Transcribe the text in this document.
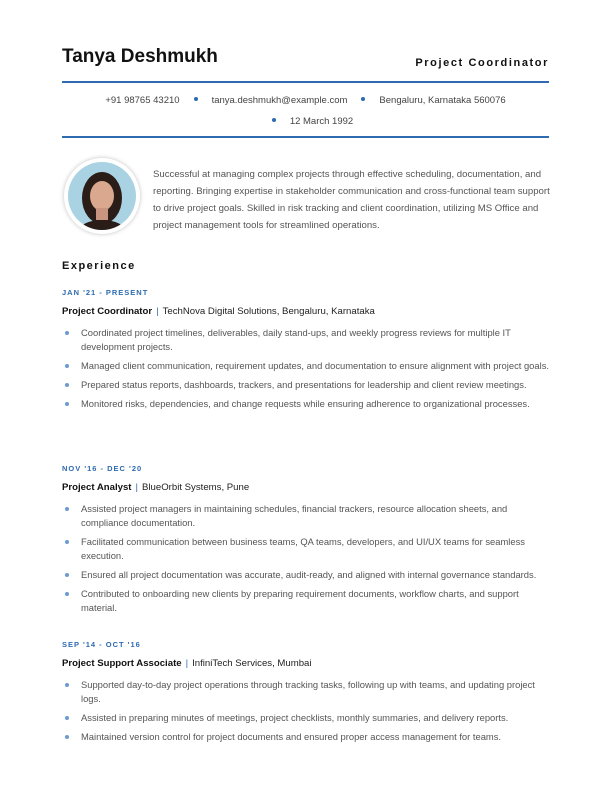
Tanya Deshmukh	Project Coordinator
+91 98765 43210	tanya.deshmukh@example.com	Bengaluru, Karnataka 560076
12 March 1992
Successful at managing complex projects through effective scheduling, documentation, and reporting. Bringing expertise in stakeholder communication and cross-functional team support to drive project goals. Skilled in risk tracking and client coordination, utilizing MS Office and project management tools for streamlined operations.
Experience
JAN '21 - PRESENT
Project Coordinator | TechNova Digital Solutions, Bengaluru, Karnataka
Coordinated project timelines, deliverables, daily stand-ups, and weekly progress reviews for multiple IT development projects.
Managed client communication, requirement updates, and documentation to ensure alignment with project goals.
Prepared status reports, dashboards, trackers, and presentations for leadership and client review meetings.
Monitored risks, dependencies, and change requests while ensuring adherence to organizational processes.
NOV '16 - DEC '20
Project Analyst | BlueOrbit Systems, Pune
Assisted project managers in maintaining schedules, financial trackers, resource allocation sheets, and compliance documentation.
Facilitated communication between business teams, QA teams, developers, and UI/UX teams for seamless execution.
Ensured all project documentation was accurate, audit-ready, and aligned with internal governance standards.
Contributed to onboarding new clients by preparing requirement documents, workflow charts, and support material.
SEP '14 - OCT '16
Project Support Associate | InfiniTech Services, Mumbai
Supported day-to-day project operations through tracking tasks, following up with teams, and updating project logs.
Assisted in preparing minutes of meetings, project checklists, monthly summaries, and delivery reports.
Maintained version control for project documents and ensured proper access management for teams.
